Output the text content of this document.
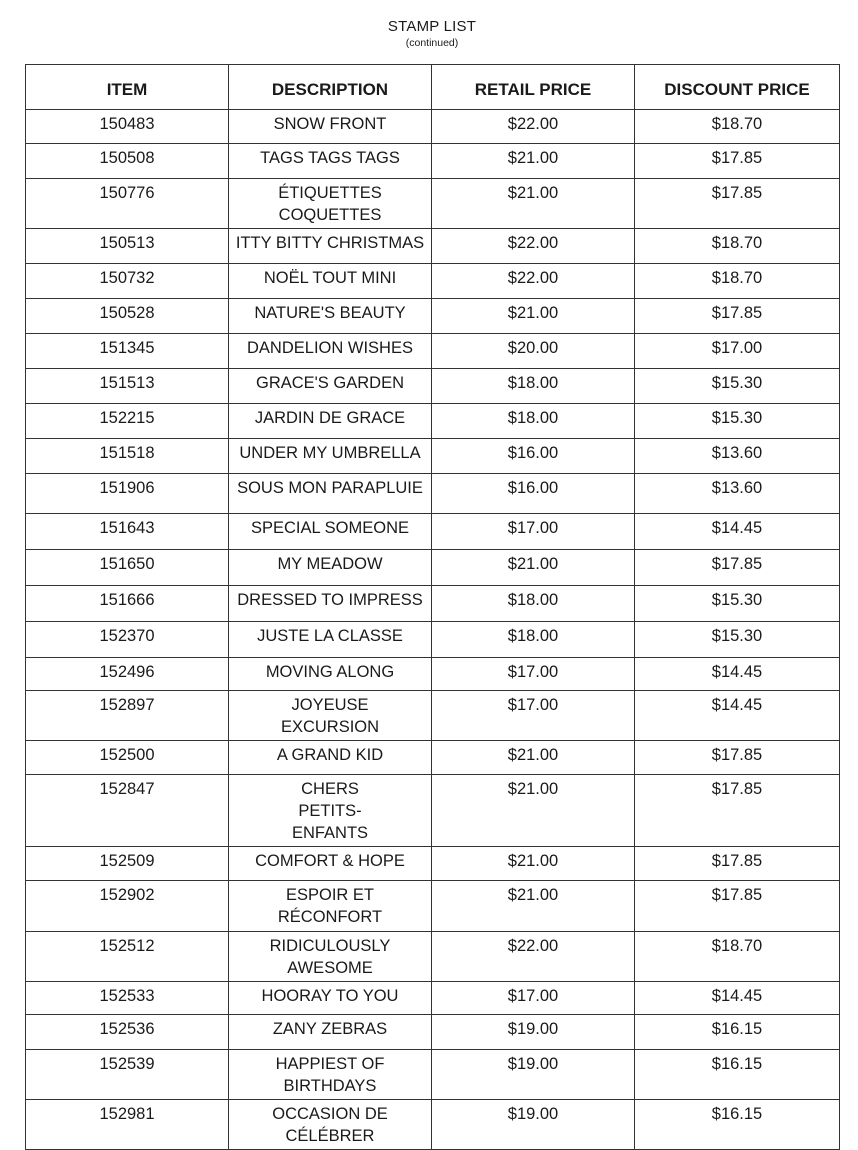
STAMP LIST
(continued)
ITEM	DESCRIPTION	RETAIL PRICE	DISCOUNT PRICE
150483	SNOW FRONT	$22.00	$18.70
150508	TAGS TAGS TAGS	$21.00	$17.85
150776	ÉTIQUETTES COQUETTES	$21.00	$17.85
150513	ITTY BITTY CHRISTMAS	$22.00	$18.70
150732	NOËL TOUT MINI	$22.00	$18.70
150528	NATURE'S BEAUTY	$21.00	$17.85
151345	DANDELION WISHES	$20.00	$17.00
151513	GRACE'S GARDEN	$18.00	$15.30
152215	JARDIN DE GRACE	$18.00	$15.30
151518	UNDER MY UMBRELLA	$16.00	$13.60
151906	SOUS MON PARAPLUIE	$16.00	$13.60
151643	SPECIAL SOMEONE	$17.00	$14.45
151650	MY MEADOW	$21.00	$17.85
151666	DRESSED TO IMPRESS	$18.00	$15.30
152370	JUSTE LA CLASSE	$18.00	$15.30
152496	MOVING ALONG	$17.00	$14.45
152897	JOYEUSE EXCURSION	$17.00	$14.45
152500	A GRAND KID	$21.00	$17.85
152847	CHERS PETITS-ENFANTS	$21.00	$17.85
152509	COMFORT & HOPE	$21.00	$17.85
152902	ESPOIR ET RÉCONFORT	$21.00	$17.85
152512	RIDICULOUSLY AWESOME	$22.00	$18.70
152533	HOORAY TO YOU	$17.00	$14.45
152536	ZANY ZEBRAS	$19.00	$16.15
152539	HAPPIEST OF BIRTHDAYS	$19.00	$16.15
152981	OCCASION DE CÉLÉBRER	$19.00	$16.15
